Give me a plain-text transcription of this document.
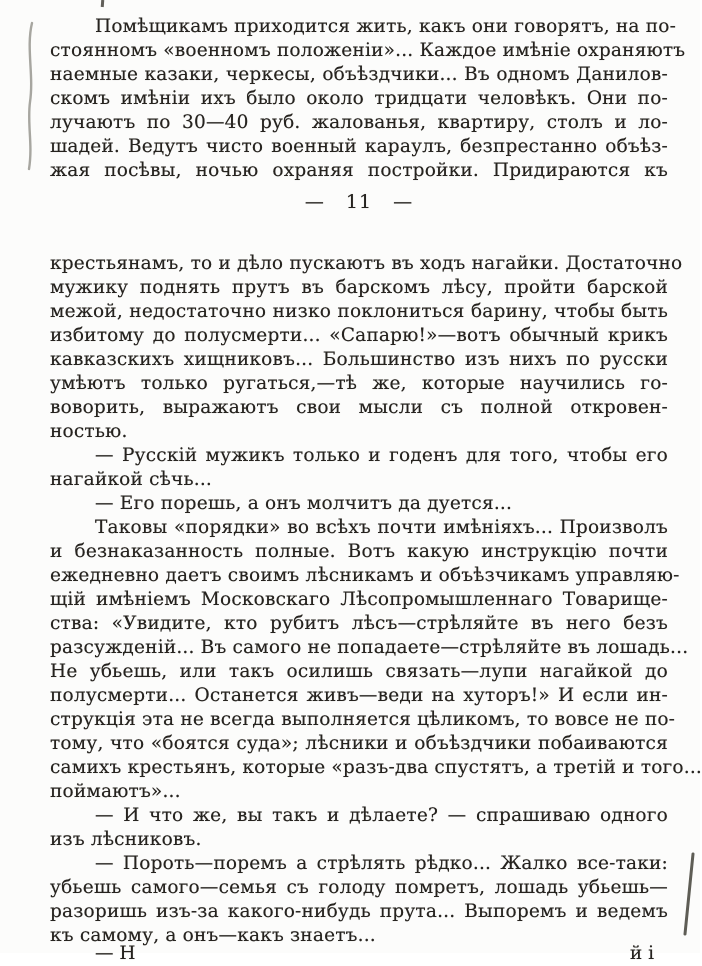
Помѣщикамъ приходится жить, какъ они говорятъ, на по-
стоянномъ «военномъ положеніи»... Каждое имѣніе охраняютъ
наемные казаки, черкесы, объѣздчики... Въ одномъ Данилов-
скомъ имѣніи ихъ было около тридцати человѣкъ. Они по-
лучаютъ по 30—40 руб. жалованья, квартиру, столъ и ло-
шадей. Ведутъ чисто военный караулъ, безпрестанно объѣз-
жая посѣвы, ночью охраняя постройки. Придираются къ
— 11 —
крестьянамъ, то и дѣло пускаютъ въ ходъ нагайки. Достаточно
мужику поднять прутъ въ барскомъ лѣсу, пройти барской
межой, недостаточно низко поклониться барину, чтобы быть
избитому до полусмерти... «Сапарю!»—вотъ обычный крикъ
кавказскихъ хищниковъ... Большинство изъ нихъ по русски
умѣютъ только ругаться,—тѣ же, которые научились го-
воворить, выражаютъ свои мысли съ полной откровен-
ностью.
— Русскій мужикъ только и годенъ для того, чтобы его
нагайкой сѣчь...
— Его порешь, а онъ молчитъ да дуется...
Таковы «порядки» во всѣхъ почти имѣніяхъ... Произволъ
и безнаказанность полные. Вотъ какую инструкцію почти
ежедневно даетъ своимъ лѣсникамъ и объѣзчикамъ управляю-
щій имѣніемъ Московскаго Лѣсопромышленнаго Товарище-
ства: «Увидите, кто рубитъ лѣсъ—стрѣляйте въ него безъ
разсужденій... Въ самого не попадаете—стрѣляйте въ лошадь...
Не убьешь, или такъ осилишь связать—лупи нагайкой до
полусмерти... Останется живъ—веди на хуторъ!» И если ин-
струкція эта не всегда выполняется цѣликомъ, то вовсе не по-
тому, что «боятся суда»; лѣсники и объѣздчики побаиваются
самихъ крестьянъ, которые «разъ-два спустятъ, а третій и того...
поймаютъ»...
— И что же, вы такъ и дѣлаете? — спрашиваю одного
изъ лѣсниковъ.
— Пороть—поремъ а стрѣлять рѣдко... Жалко все-таки:
убьешь самого—семья съ голоду помретъ, лошадь убьешь—
разоришь изъ-за какого-нибудь прута... Выпоремъ и ведемъ
къ самому, а онъ—какъ знаетъ...
— Н	й і
